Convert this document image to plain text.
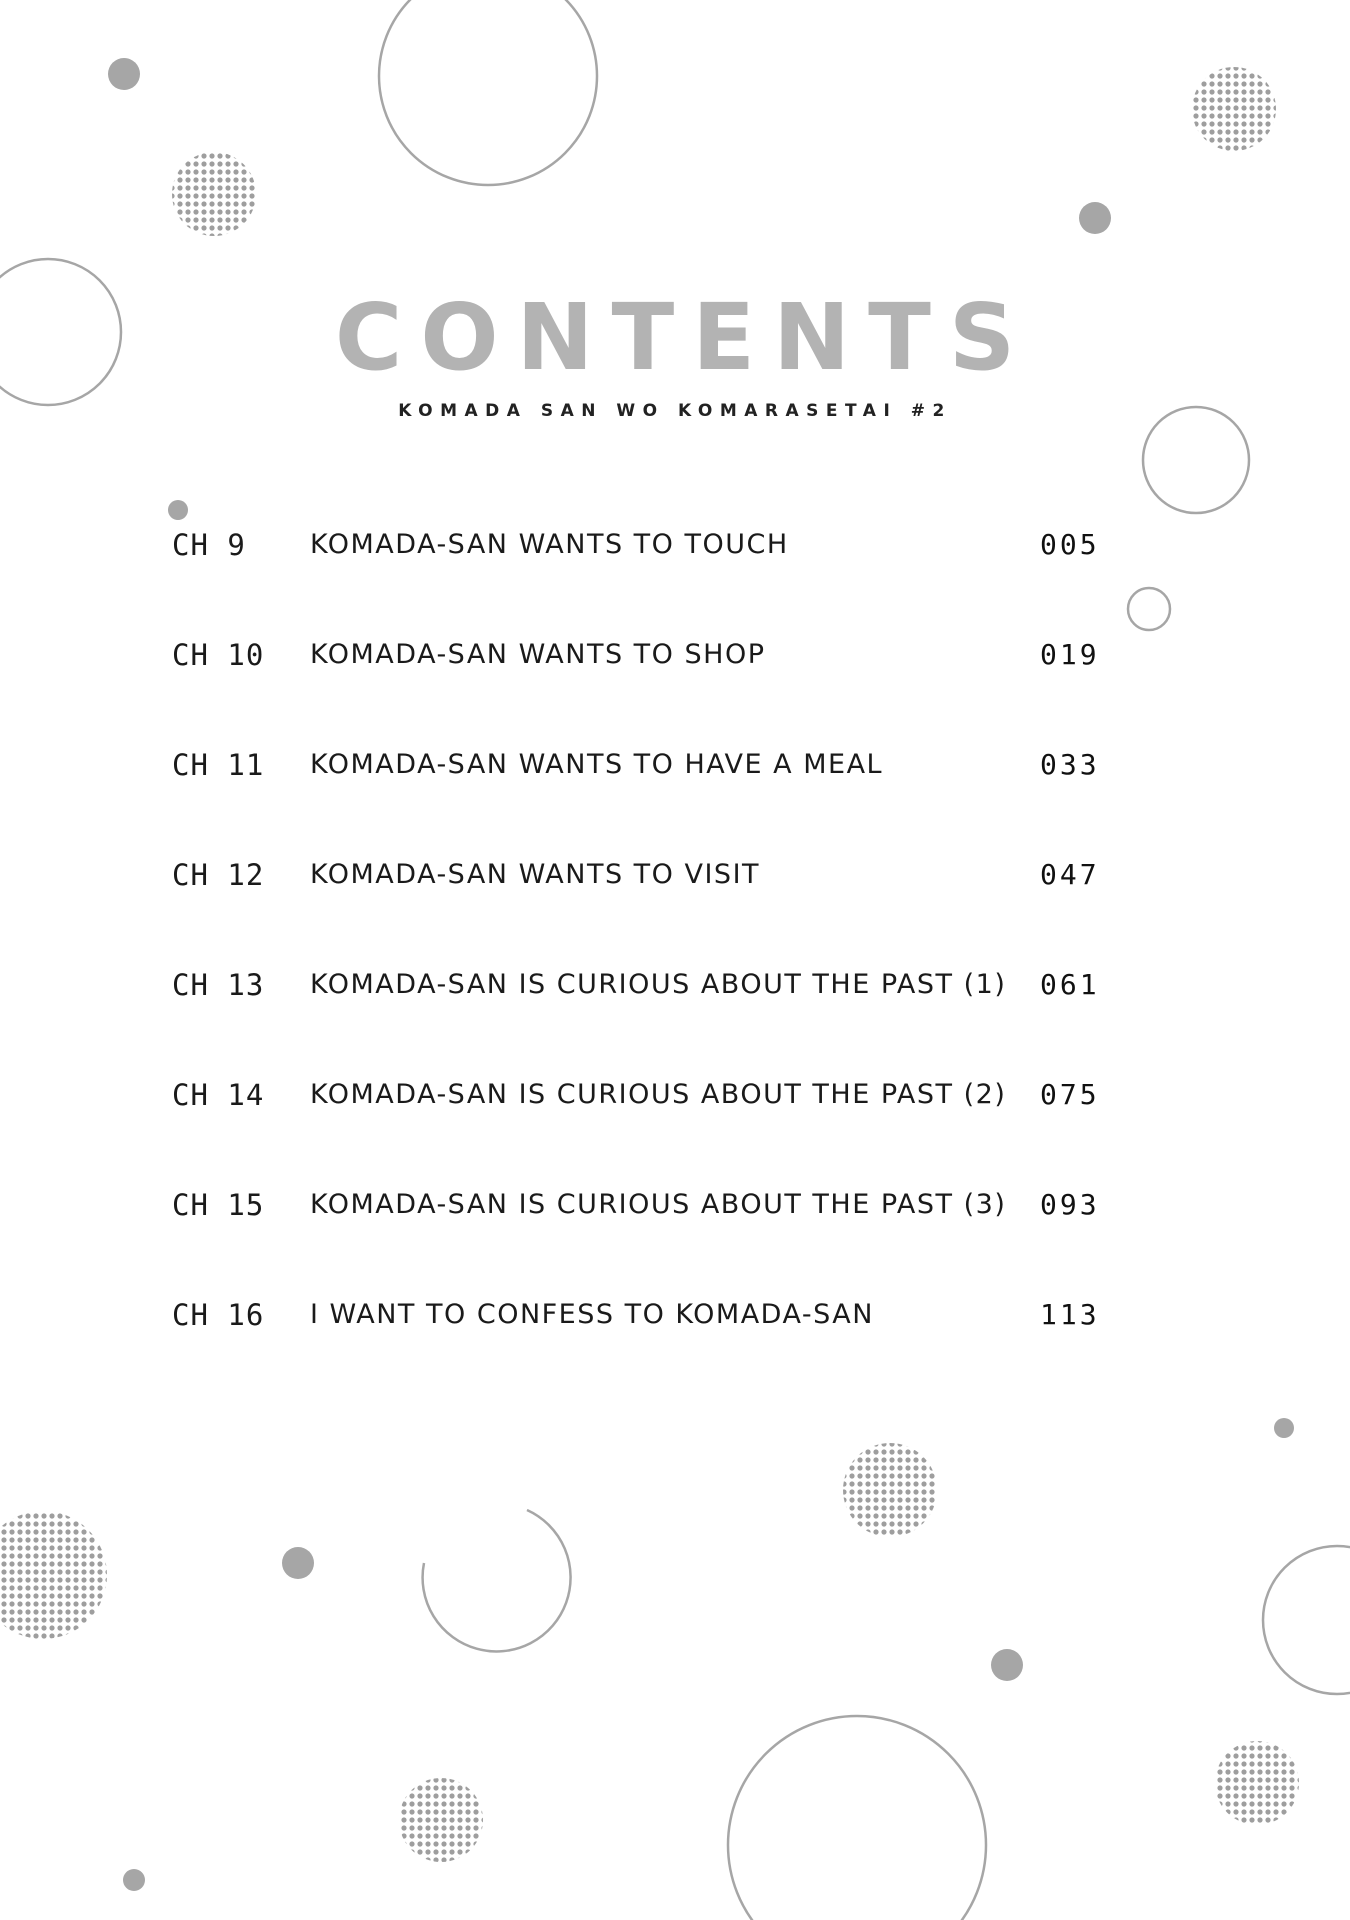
CONTENTS
KOMADA SAN WO KOMARASETAI #2
CH 9 KOMADA-SAN WANTS TO TOUCH	005
CH 10 KOMADA-SAN WANTS TO SHOP	019
CH 11 KOMADA-SAN WANTS TO HAVE A MEAL	033
CH 12 KOMADA-SAN WANTS TO VISIT	047
CH 13 KOMADA-SAN IS CURIOUS ABOUT THE PAST (1) 061
CH 14 KOMADA-SAN IS CURIOUS ABOUT THE PAST (2) 075
CH 15 KOMADA-SAN IS CURIOUS ABOUT THE PAST (3) 093
CH 16 I WANT TO CONFESS TO KOMADA-SAN	113
